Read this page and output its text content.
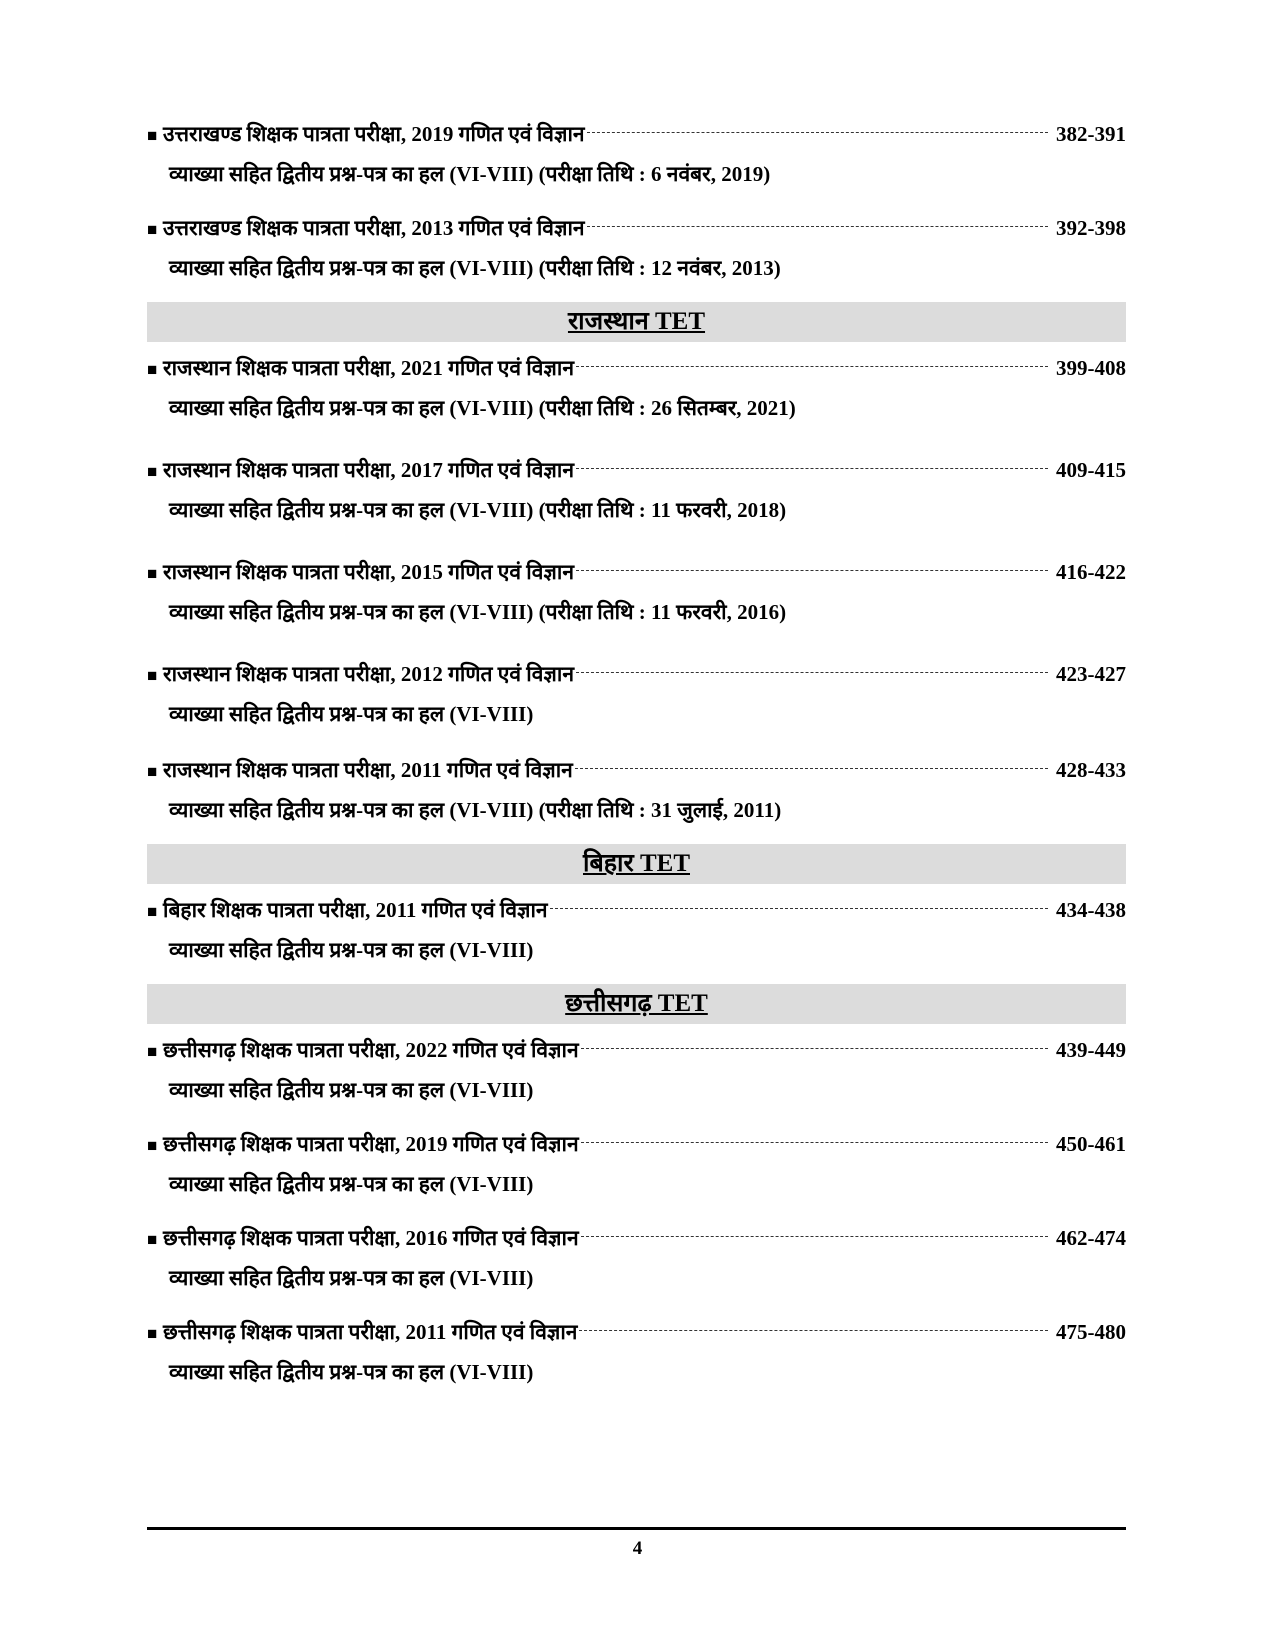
■ उत्तराखण्ड शिक्षक पात्रता परीक्षा, 2019 गणित एवं विज्ञान	382-391
व्याख्या सहित द्वितीय प्रश्न-पत्र का हल (VI-VIII) (परीक्षा तिथि : 6 नवंबर, 2019)
■ उत्तराखण्ड शिक्षक पात्रता परीक्षा, 2013 गणित एवं विज्ञान	392-398
व्याख्या सहित द्वितीय प्रश्न-पत्र का हल (VI-VIII) (परीक्षा तिथि : 12 नवंबर, 2013)
राजस्थान TET
■ राजस्थान शिक्षक पात्रता परीक्षा, 2021 गणित एवं विज्ञान	399-408
व्याख्या सहित द्वितीय प्रश्न-पत्र का हल (VI-VIII) (परीक्षा तिथि : 26 सितम्बर, 2021)
■ राजस्थान शिक्षक पात्रता परीक्षा, 2017 गणित एवं विज्ञान	409-415
व्याख्या सहित द्वितीय प्रश्न-पत्र का हल (VI-VIII) (परीक्षा तिथि : 11 फरवरी, 2018)
■ राजस्थान शिक्षक पात्रता परीक्षा, 2015 गणित एवं विज्ञान	416-422
व्याख्या सहित द्वितीय प्रश्न-पत्र का हल (VI-VIII) (परीक्षा तिथि : 11 फरवरी, 2016)
■ राजस्थान शिक्षक पात्रता परीक्षा, 2012 गणित एवं विज्ञान	423-427
व्याख्या सहित द्वितीय प्रश्न-पत्र का हल (VI-VIII)
■ राजस्थान शिक्षक पात्रता परीक्षा, 2011 गणित एवं विज्ञान	428-433
व्याख्या सहित द्वितीय प्रश्न-पत्र का हल (VI-VIII) (परीक्षा तिथि : 31 जुलाई, 2011)
बिहार TET
■ बिहार शिक्षक पात्रता परीक्षा, 2011 गणित एवं विज्ञान	434-438
व्याख्या सहित द्वितीय प्रश्न-पत्र का हल (VI-VIII)
छत्तीसगढ़ TET
■ छत्तीसगढ़ शिक्षक पात्रता परीक्षा, 2022 गणित एवं विज्ञान	439-449
व्याख्या सहित द्वितीय प्रश्न-पत्र का हल (VI-VIII)
■ छत्तीसगढ़ शिक्षक पात्रता परीक्षा, 2019 गणित एवं विज्ञान	450-461
व्याख्या सहित द्वितीय प्रश्न-पत्र का हल (VI-VIII)
■ छत्तीसगढ़ शिक्षक पात्रता परीक्षा, 2016 गणित एवं विज्ञान	462-474
व्याख्या सहित द्वितीय प्रश्न-पत्र का हल (VI-VIII)
■ छत्तीसगढ़ शिक्षक पात्रता परीक्षा, 2011 गणित एवं विज्ञान	475-480
व्याख्या सहित द्वितीय प्रश्न-पत्र का हल (VI-VIII)
4
